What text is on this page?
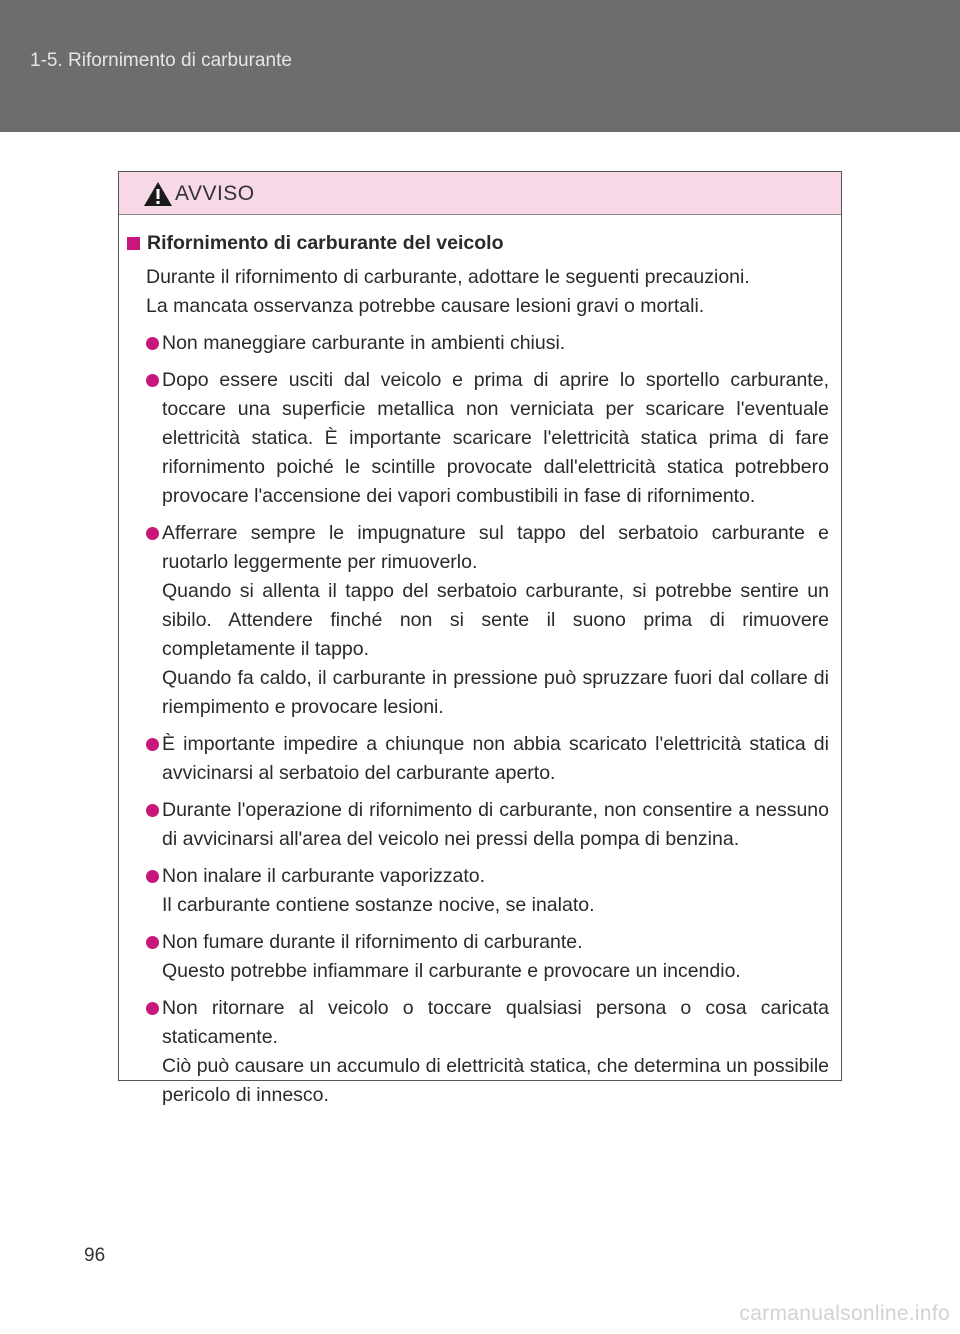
1-5. Rifornimento di carburante
AVVISO
Rifornimento di carburante del veicolo
Durante il rifornimento di carburante, adottare le seguenti precauzioni.
La mancata osservanza potrebbe causare lesioni gravi o mortali.
Non maneggiare carburante in ambienti chiusi.
Dopo essere usciti dal veicolo e prima di aprire lo sportello carburante, toccare una superficie metallica non verniciata per scaricare l'eventuale elettricità statica. È importante scaricare l'elettricità statica prima di fare rifornimento poiché le scintille provocate dall'elettricità statica potrebbero provocare l'accensione dei vapori combustibili in fase di rifornimento.
Afferrare sempre le impugnature sul tappo del serbatoio carburante e ruotarlo leggermente per rimuoverlo.
Quando si allenta il tappo del serbatoio carburante, si potrebbe sentire un sibilo. Attendere finché non si sente il suono prima di rimuovere completamente il tappo.
Quando fa caldo, il carburante in pressione può spruzzare fuori dal collare di riempimento e provocare lesioni.
È importante impedire a chiunque non abbia scaricato l'elettricità statica di avvicinarsi al serbatoio del carburante aperto.
Durante l'operazione di rifornimento di carburante, non consentire a nessuno di avvicinarsi all'area del veicolo nei pressi della pompa di benzina.
Non inalare il carburante vaporizzato.
Il carburante contiene sostanze nocive, se inalato.
Non fumare durante il rifornimento di carburante.
Questo potrebbe infiammare il carburante e provocare un incendio.
Non ritornare al veicolo o toccare qualsiasi persona o cosa caricata staticamente.
Ciò può causare un accumulo di elettricità statica, che determina un possibile pericolo di innesco.
96
carmanualsonline.info
